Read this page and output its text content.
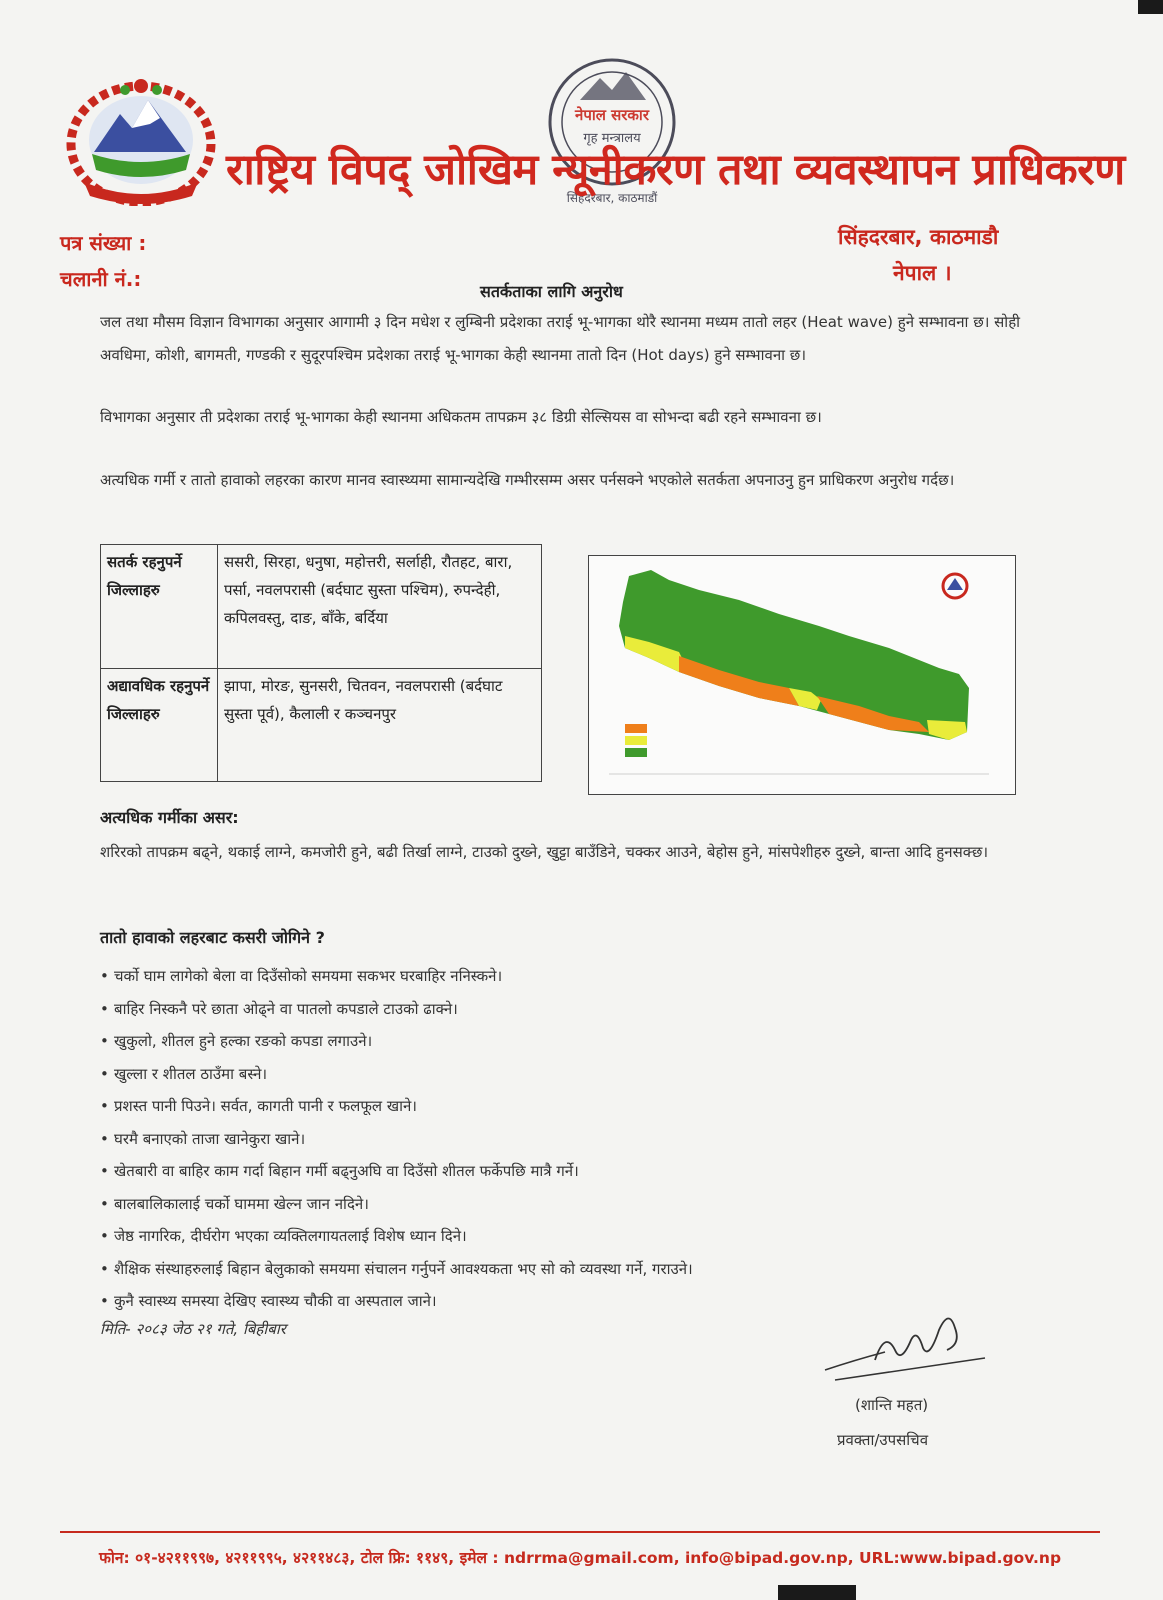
नेपाल सरकार
गृह मन्त्रालय
सिंहदरबार, काठमाडौं
राष्ट्रिय विपद् जोखिम न्यूनीकरण तथा व्यवस्थापन प्राधिकरण
पत्र संख्या :
चलानी नं.:
सिंहदरबार, काठमाडौ
नेपाल ।
सतर्कताका लागि अनुरोध
जल तथा मौसम विज्ञान विभागका अनुसार आगामी ३ दिन मधेश र लुम्बिनी प्रदेशका तराई भू-भागका थोरै स्थानमा मध्यम तातो लहर (Heat wave) हुने सम्भावना छ। सोही अवधिमा, कोशी, बागमती, गण्डकी र सुदूरपश्चिम प्रदेशका तराई भू-भागका केही स्थानमा तातो दिन (Hot days) हुने सम्भावना छ।
विभागका अनुसार ती प्रदेशका तराई भू-भागका केही स्थानमा अधिकतम तापक्रम ३८ डिग्री सेल्सियस वा सोभन्दा बढी रहने सम्भावना छ।
अत्यधिक गर्मी र तातो हावाको लहरका कारण मानव स्वास्थ्यमा सामान्यदेखि गम्भीरसम्म असर पर्नसक्ने भएकोले सतर्कता अपनाउनु हुन प्राधिकरण अनुरोध गर्दछ।
सतर्क रहनुपर्ने जिल्लाहरु	ससरी, सिरहा, धनुषा, महोत्तरी, सर्लाही, रौतहट, बारा, पर्सा, नवलपरासी (बर्दघाट सुस्ता पश्चिम), रुपन्देही, कपिलवस्तु, दाङ, बाँके, बर्दिया
अद्यावधिक रहनुपर्ने जिल्लाहरु	झापा, मोरङ, सुनसरी, चितवन, नवलपरासी (बर्दघाट सुस्ता पूर्व), कैलाली र कञ्चनपुर
अत्यधिक गर्मीका असर:
शरिरको तापक्रम बढ्ने, थकाई लाग्ने, कमजोरी हुने, बढी तिर्खा लाग्ने, टाउको दुख्ने, खुट्टा बाउँडिने, चक्कर आउने, बेहोस हुने, मांसपेशीहरु दुख्ने, बान्ता आदि हुनसक्छ।
तातो हावाको लहरबाट कसरी जोगिने ?
• चर्को घाम लागेको बेला वा दिउँसोको समयमा सकभर घरबाहिर ननिस्कने।
• बाहिर निस्कनै परे छाता ओढ्ने वा पातलो कपडाले टाउको ढाक्ने।
• खुकुलो, शीतल हुने हल्का रङको कपडा लगाउने।
• खुल्ला र शीतल ठाउँमा बस्ने।
• प्रशस्त पानी पिउने। सर्वत, कागती पानी र फलफूल खाने।
• घरमै बनाएको ताजा खानेकुरा खाने।
• खेतबारी वा बाहिर काम गर्दा बिहान गर्मी बढ्नुअघि वा दिउँसो शीतल फर्केपछि मात्रै गर्ने।
• बालबालिकालाई चर्को घाममा खेल्न जान नदिने।
• जेष्ठ नागरिक, दीर्घरोग भएका व्यक्तिलगायतलाई विशेष ध्यान दिने।
• शैक्षिक संस्थाहरुलाई बिहान बेलुकाको समयमा संचालन गर्नुपर्ने आवश्यकता भए सो को व्यवस्था गर्ने, गराउने।
• कुनै स्वास्थ्य समस्या देखिए स्वास्थ्य चौकी वा अस्पताल जाने।
मिति- २०८३ जेठ २१ गते, बिहीबार
(शान्ति महत)
प्रवक्ता/उपसचिव
फोन: ०१-४२११९९७, ४२११९९५, ४२११४८३, टोल फ्रि: ११४९, इमेल : ndrrma@gmail.com, info@bipad.gov.np, URL:www.bipad.gov.np
